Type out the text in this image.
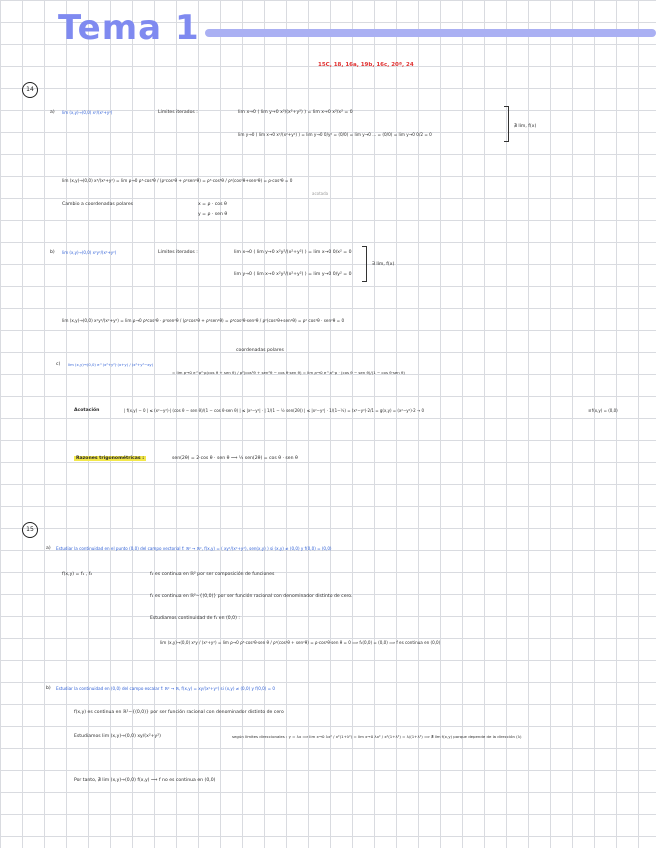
Tema 1
15C, 18, 16a, 19b, 16c, 20ª, 24
14
a) lim (x,y)→(0,0) x²/(x²+y²)	Límites iterados :	lim x→0 ( lim y→0 x²/(x²+y²) ) = lim x→0 x²/x² = 0
lim y→0 ( lim x→0 x²/(x²+y²) ) = lim y→0 0/y² = (0/0) = lim y→0 ... = (0/0) = lim y→0 0/2 = 0
∄ lím, f(x)
lim (x,y)→(0,0) x³/(x²+y²) = lim ρ→0 ρ³·cos³θ / (ρ²cos²θ + ρ²sen²θ) = ρ³·cos³θ / ρ²(cos²θ+sen²θ) = ρ·cos³θ = 0
acotada
Cambio a coordenadas polares	x = ρ · cos θ
y = ρ · sen θ
b) lim (x,y)→(0,0) x²y²/(x²+y²)	Límites iterados :	lim x→0 ( lim y→0 x²y²/(x²+y²) ) = lim x→0 0/x² = 0
lim y→0 ( lim x→0 x²y²/(x²+y²) ) = lim y→0 0/y² = 0
∃ lím, f(x)
lim (x,y)→(0,0) x²y²/(x²+y²) = lim ρ→0 ρ⁴cos²θ · ρ²sen²θ / (ρ²cos²θ + ρ²sen²θ) = ρ⁴cos²θ·sen²θ / ρ²(cos²θ+sen²θ) = ρ² cos²θ · sen²θ = 0
coordenadas polares
c) lim (x,y)→(0,0) e^(x²+y²)·(x+y) / (x²+y²−xy)
= lim ρ→0 e^ρ²·ρ(cos θ + sen θ) / ρ²(cos²θ + sen²θ − cos θ·sen θ) = lim ρ→0 e^ρ²·ρ · (cos θ − sen θ)/(1 − cos θ·sen θ)
Acotación	| f(x,y) − 0 | ≤ (x²−y²)·| (cos θ − sen θ)/(1 − cos θ·sen θ) | ≤ |x²−y²| · | 1/(1 − ½ sen(2θ)) | ≤ |x²−y²| · 1/(1−½) = (x²−y²)·2/1 = g(x,y) = (x²−y²)·2 → 0	∃ f(x,y) = (0,0)
Razones trigonométricas :	sen(2θ) = 2·cos θ · sen θ ⟹ ½ sen(2θ) = cos θ · sen θ
15
a) Estudiar la continuidad en el punto (0,0) del campo vectorial f: ℝ² → ℝ², f(x,y) = ( xy²/(x²+y²), sen(x,y) ) si (x,y) ≠ (0,0) y f(0,0) = (0,0)
f(x,y) = f₁ , f₂	f₂ es continua en ℝ² por ser composición de funciones
f₁ es continua en ℝ²−{(0,0)} por ser función racional con denominador distinto de cero.
Estudiamos continuidad de f₁ en (0,0) :
lim (x,y)→(0,0) x²y / (x²+y²) = lim ρ→0 ρ³·cos²θ·sen θ / ρ²(cos²θ + sen²θ) = ρ·cos²θ·sen θ = 0 ⟹ f₁(0,0) = (0,0) ⟹ f es continua en (0,0)
b) Estudiar la continuidad en (0,0) del campo escalar f: ℝ² → ℝ, f(x,y) = xy/(x²+y²) si (x,y) ≠ (0,0) y f(0,0) = 0
f(x,y) es continua en ℝ²−{(0,0)} por ser función racional con denominador distinto de cero
Estudiamos lim (x,y)→(0,0) xy/(x²+y²)	según límites direccionales : y = λx ⟹ lim x→0 λx² / x²(1+λ²) = lim x→0 λx² / x²(1+λ²) = λ/(1+λ²) ⟹ ∄ lím f(x,y) porque depende de la dirección (λ)
Por tanto, ∄ lim (x,y)→(0,0) f(x,y) ⟹ f no es continua en (0,0)
